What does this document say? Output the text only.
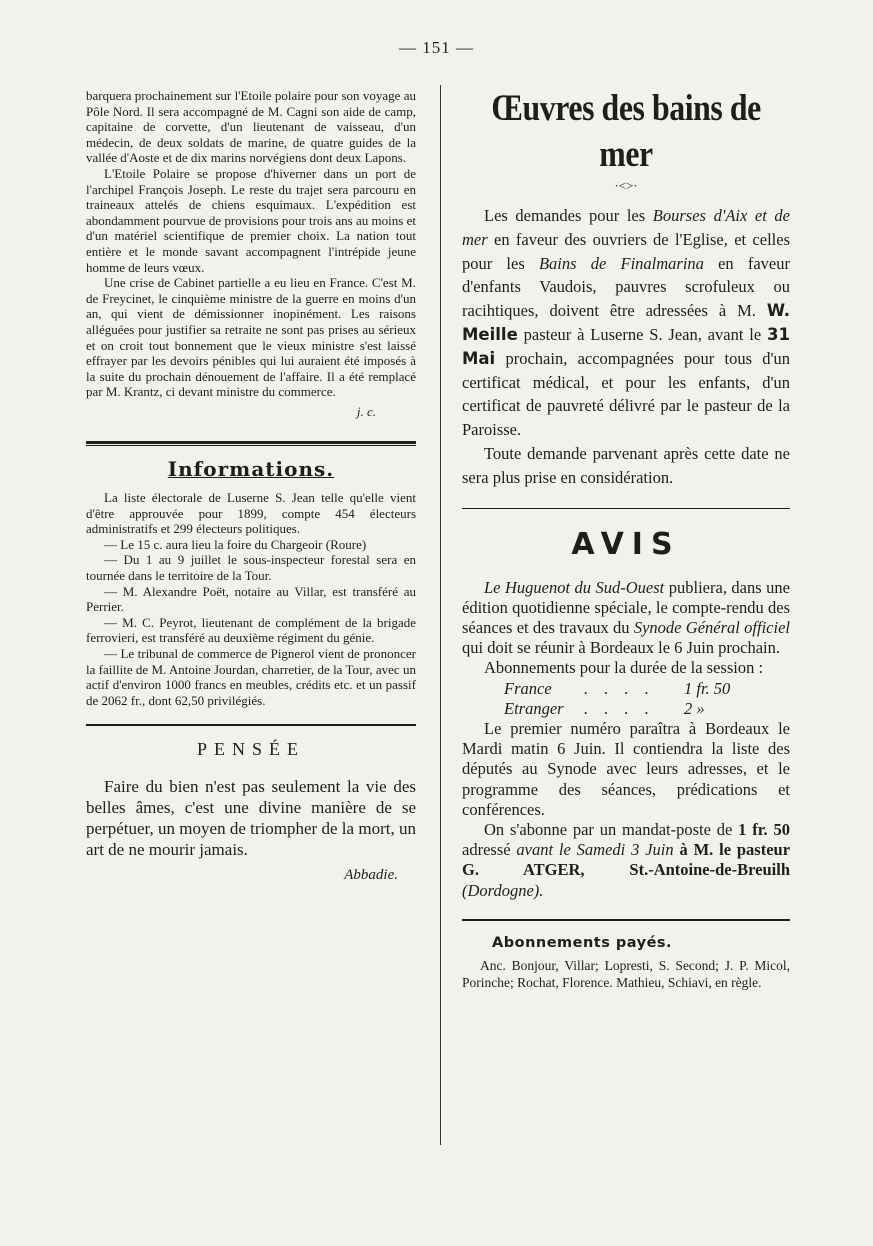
— 151 —

barquera prochainement sur l'Etoile polaire pour son voyage au Pôle Nord. Il sera accompagné de M. Cagni son aide de camp, capitaine de corvette, d'un lieutenant de vaisseau, d'un médecin, de deux soldats de marine, de quatre guides de la vallée d'Aoste et de dix marins norvégiens dont deux Lapons.

L'Etoile Polaire se propose d'hiverner dans un port de l'archipel François Joseph. Le reste du trajet sera parcouru en traineaux attelés de chiens esquimaux. L'expédition est abondamment pourvue de provisions pour trois ans au moins et d'un matériel scientifique de premier choix. La nation tout entière et le monde savant accompagnent l'intrépide jeune homme de leurs vœux.

Une crise de Cabinet partielle a eu lieu en France. C'est M. de Freycinet, le cinquième ministre de la guerre en moins d'un an, qui vient de démissionner inopinément. Les raisons alléguées pour justifier sa retraite ne sont pas prises au sérieux et on croit tout bonnement que le vieux ministre s'est laissé effrayer par les devoirs pénibles qui lui auraient été imposés à la suite du prochain dénouement de l'affaire. Il a été remplacé par M. Krantz, ci devant ministre du commerce.

j. c.

Informations.

La liste électorale de Luserne S. Jean telle qu'elle vient d'être approuvée pour 1899, compte 454 électeurs administratifs et 299 électeurs politiques.

— Le 15 c. aura lieu la foire du Chargeoir (Roure)

— Du 1 au 9 juillet le sous-inspecteur forestal sera en tournée dans le territoire de la Tour.

— M. Alexandre Poët, notaire au Villar, est transféré au Perrier.

— M. C. Peyrot, lieutenant de complément de la brigade ferrovieri, est transféré au deuxième régiment du génie.

— Le tribunal de commerce de Pignerol vient de prononcer la faillite de M. Antoine Jourdan, charretier, de la Tour, avec un actif d'environ 1000 francs en meubles, crédits etc. et un passif de 2062 fr., dont 62,50 privilégiés.

PENSÉE

Faire du bien n'est pas seulement la vie des belles âmes, c'est une divine manière de se perpétuer, un moyen de triompher de la mort, un art de ne mourir jamais.

Abbadie.

Œuvres des bains de mer
·<>·

Les demandes pour les Bourses d'Aix et de mer en faveur des ouvriers de l'Eglise, et celles pour les Bains de Finalmarina en faveur d'enfants Vaudois, pauvres scrofuleux ou racihtiques, doivent être adressées à M. W. Meille pasteur à Luserne S. Jean, avant le 31 Mai prochain, accompagnées pour tous d'un certificat médical, et pour les enfants, d'un certificat de pauvreté délivré par le pasteur de la Paroisse.

Toute demande parvenant après cette date ne sera plus prise en considération.

AVIS

Le Huguenot du Sud-Ouest publiera, dans une édition quotidienne spéciale, le compte-rendu des séances et des travaux du Synode Général officiel qui doit se réunir à Bordeaux le 6 Juin prochain.

Abonnements pour la durée de la session :

France	. . . .	1 fr. 50
Etranger	. . . .	2 »

Le premier numéro paraîtra à Bordeaux le Mardi matin 6 Juin. Il contiendra la liste des députés au Synode avec leurs adresses, et le programme des séances, prédications et conférences.

On s'abonne par un mandat-poste de 1 fr. 50 adressé avant le Samedi 3 Juin à M. le pasteur G. ATGER, St.-Antoine-de-Breuilh (Dordogne).

Abonnements payés.

Anc. Bonjour, Villar; Lopresti, S. Second; J. P. Micol, Porinche; Rochat, Florence. Mathieu, Schiavi, en règle.
